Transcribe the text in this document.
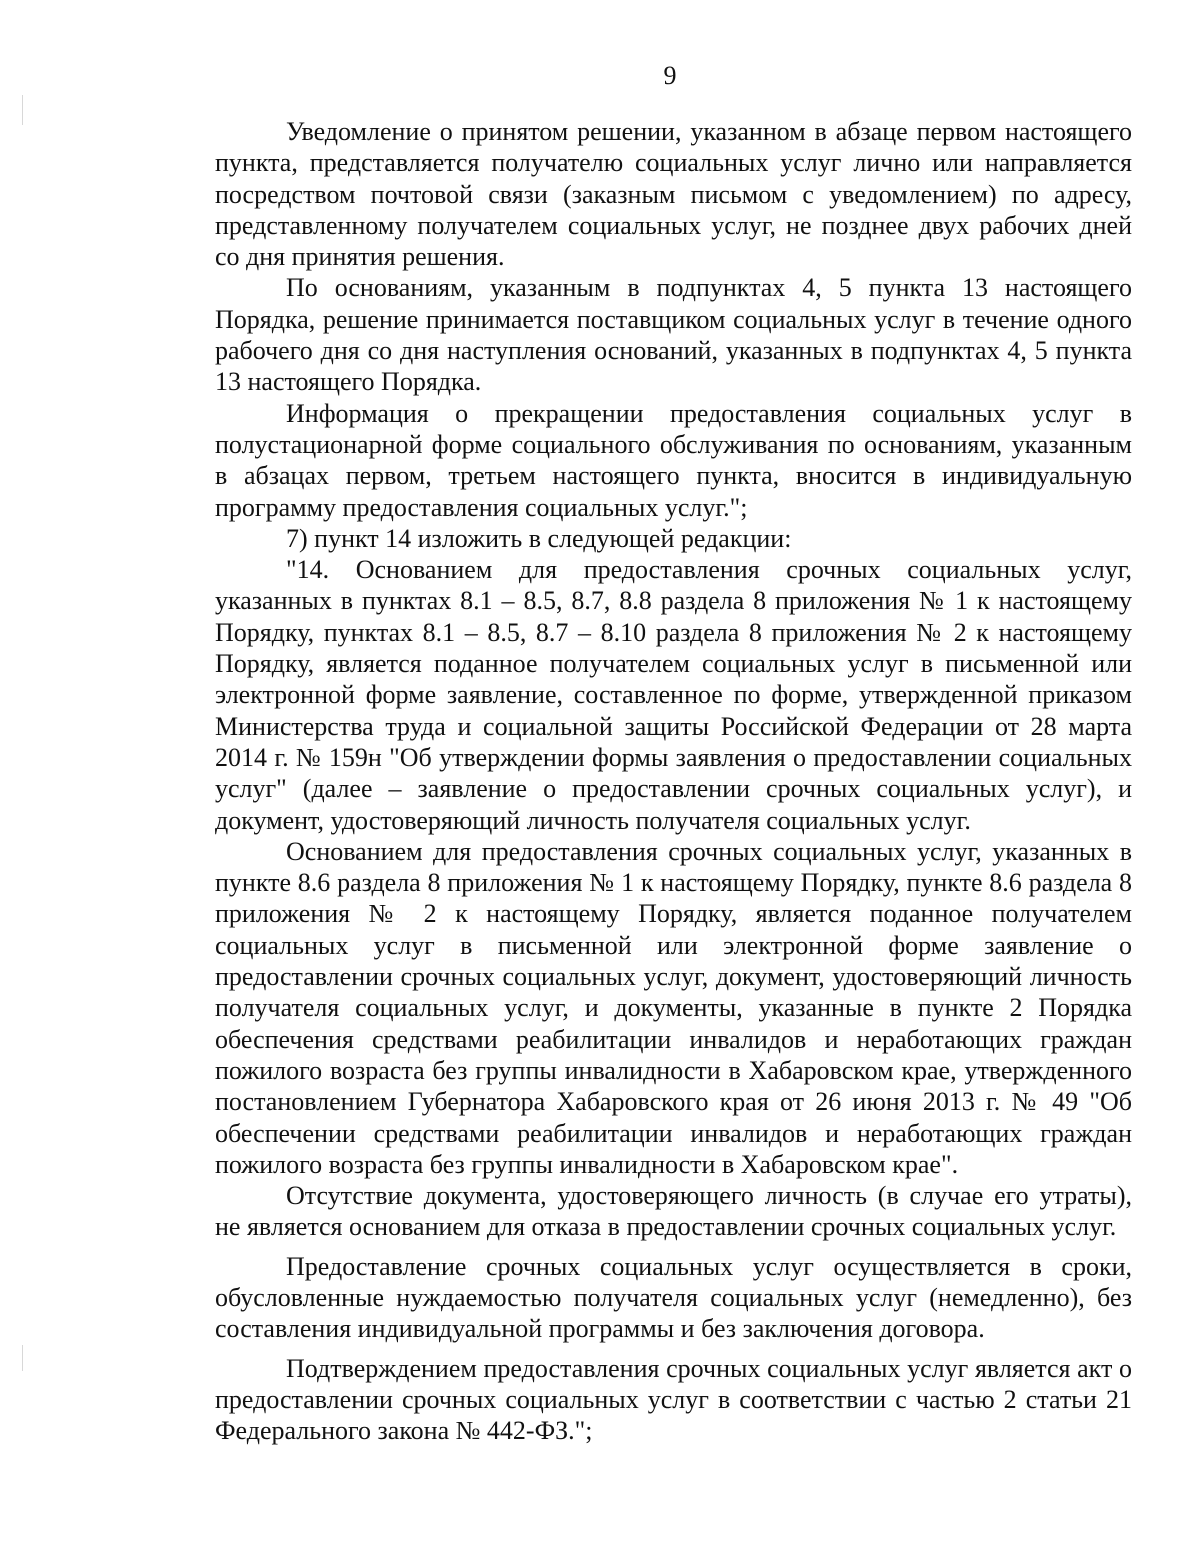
9

Уведомление о принятом решении, указанном в абзаце первом настоящего пункта, представляется получателю социальных услуг лично или направляется посредством почтовой связи (заказным письмом с уведомлением) по адресу, представленному получателем социальных услуг, не позднее двух рабочих дней со дня принятия решения.

По основаниям, указанным в подпунктах 4, 5 пункта 13 настоящего Порядка, решение принимается поставщиком социальных услуг в течение одного рабочего дня со дня наступления оснований, указанных в подпунктах 4, 5 пункта 13 настоящего Порядка.

Информация о прекращении предоставления социальных услуг в полустационарной форме социального обслуживания по основаниям, указанным в абзацах первом, третьем настоящего пункта, вносится в индивидуальную программу предоставления социальных услуг.";

7) пункт 14 изложить в следующей редакции:

"14. Основанием для предоставления срочных социальных услуг, указанных в пунктах 8.1 – 8.5, 8.7, 8.8 раздела 8 приложения № 1 к настоящему Порядку, пунктах 8.1 – 8.5, 8.7 – 8.10 раздела 8 приложения № 2 к настоящему Порядку, является поданное получателем социальных услуг в письменной или электронной форме заявление, составленное по форме, утвержденной приказом Министерства труда и социальной защиты Российской Федерации от 28 марта 2014 г. № 159н "Об утверждении формы заявления о предоставлении социальных услуг" (далее – заявление о предоставлении срочных социальных услуг), и документ, удостоверяющий личность получателя социальных услуг.

Основанием для предоставления срочных социальных услуг, указанных в пункте 8.6 раздела 8 приложения № 1 к настоящему Порядку, пункте 8.6 раздела 8 приложения № 2 к настоящему Порядку, является поданное получателем социальных услуг в письменной или электронной форме заявление о предоставлении срочных социальных услуг, документ, удостоверяющий личность получателя социальных услуг, и документы, указанные в пункте 2 Порядка обеспечения средствами реабилитации инвалидов и неработающих граждан пожилого возраста без группы инвалидности в Хабаровском крае, утвержденного постановлением Губернатора Хабаровского края от 26 июня 2013 г. № 49 "Об обеспечении средствами реабилитации инвалидов и неработающих граждан пожилого возраста без группы инвалидности в Хабаровском крае".

Отсутствие документа, удостоверяющего личность (в случае его утраты), не является основанием для отказа в предоставлении срочных социальных услуг.

Предоставление срочных социальных услуг осуществляется в сроки, обусловленные нуждаемостью получателя социальных услуг (немедленно), без составления индивидуальной программы и без заключения договора.

Подтверждением предоставления срочных социальных услуг является акт о предоставлении срочных социальных услуг в соответствии с частью 2 статьи 21 Федерального закона № 442-ФЗ.";
